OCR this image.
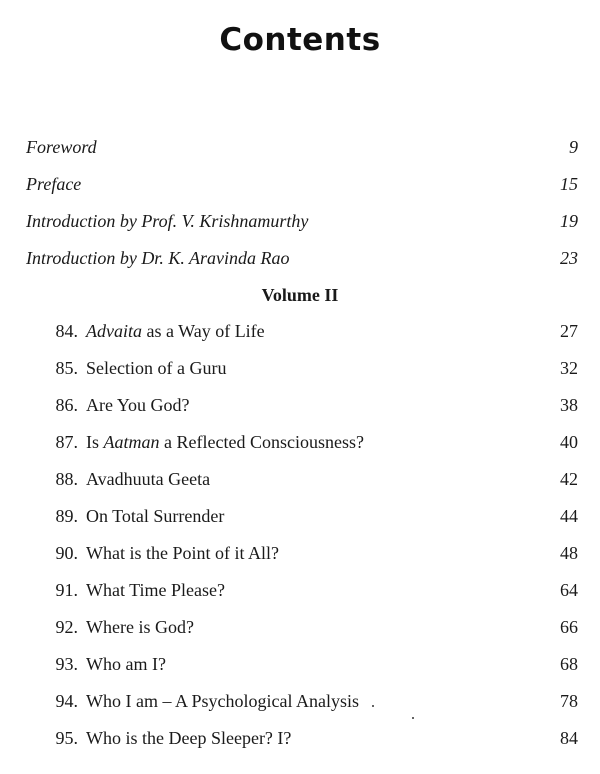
Contents
Foreword	9
Preface	15
Introduction by Prof. V. Krishnamurthy	19
Introduction by Dr. K. Aravinda Rao	23
Volume II
84. Advaita as a Way of Life	27
85. Selection of a Guru	32
86. Are You God?	38
87. Is Aatman a Reflected Consciousness?	40
88. Avadhuuta Geeta	42
89. On Total Surrender	44
90. What is the Point of it All?	48
91. What Time Please?	64
92. Where is God?	66
93. Who am I?	68
94. Who I am – A Psychological Analysis	78
95. Who is the Deep Sleeper? I?	84
